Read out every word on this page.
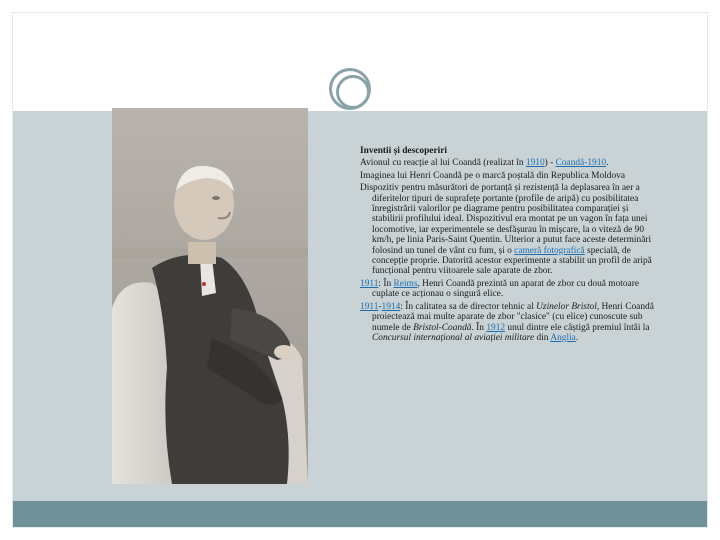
Inventii și descoperiri

Avionul cu reacție al lui Coandă (realizat în 1910) - Coandă-1910.

Imaginea lui Henri Coandă pe o marcă poștală din Republica Moldova

Dispozitiv pentru măsurători de portanță și rezistență la deplasarea în aer a diferitelor tipuri de suprafețe portante (profile de aripă) cu posibilitatea înregistrării valorilor pe diagrame pentru posibilitatea comparației și stabilirii profilului ideal. Dispozitivul era montat pe un vagon în fața unei locomotive, iar experimentele se desfășurau în mișcare, la o viteză de 90 km/h, pe linia Paris-Saint Quentin. Ulterior a putut face aceste determinări folosind un tunel de vânt cu fum, și o cameră fotografică specială, de concepție proprie. Datorită acestor experimente a stabilit un profil de aripă funcțional pentru viitoarele sale aparate de zbor.

1911: În Reims, Henri Coandă prezintă un aparat de zbor cu două motoare cuplate ce acționau o singură elice.

1911-1914: În calitatea sa de director tehnic al Uzinelor Bristol, Henri Coandă proiectează mai multe aparate de zbor "clasice" (cu elice) cunoscute sub numele de Bristol-Coandă. În 1912 unul dintre ele câștigă premiul întâi la Concursul internațional al aviației militare din Anglia.
